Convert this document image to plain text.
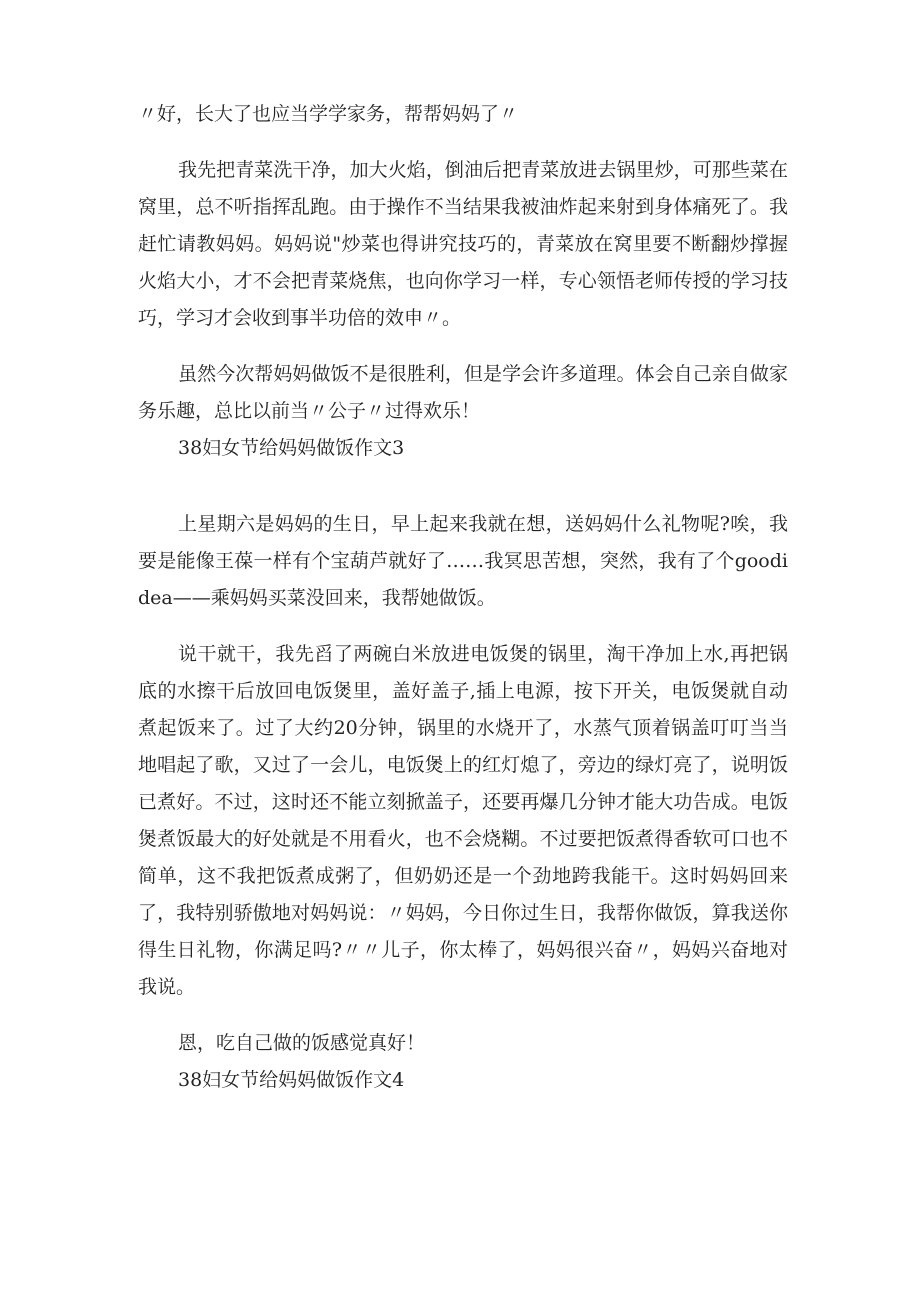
〃好，长大了也应当学学家务，帮帮妈妈了〃

我先把青菜洗干净，加大火焰，倒油后把青菜放进去锅里炒，可那些菜在窝里，总不听指挥乱跑。由于操作不当结果我被油炸起来射到身体痛死了。我赶忙请教妈妈。妈妈说"炒菜也得讲究技巧的，青菜放在窝里要不断翻炒撑握火焰大小，才不会把青菜烧焦，也向你学习一样，专心领悟老师传授的学习技巧，学习才会收到事半功倍的效申〃。

虽然今次帮妈妈做饭不是很胜利，但是学会许多道理。体会自己亲自做家务乐趣，总比以前当〃公子〃过得欢乐！

38妇女节给妈妈做饭作文3

上星期六是妈妈的生日，早上起来我就在想，送妈妈什么礼物呢?唉，我要是能像王葆一样有个宝葫芦就好了……我冥思苦想，突然，我有了个goodidea——乘妈妈买菜没回来，我帮她做饭。

说干就干，我先舀了两碗白米放进电饭煲的锅里，淘干净加上水,再把锅底的水擦干后放回电饭煲里，盖好盖子,插上电源，按下开关，电饭煲就自动煮起饭来了。过了大约20分钟，锅里的水烧开了，水蒸气顶着锅盖叮叮当当地唱起了歌，又过了一会儿，电饭煲上的红灯熄了，旁边的绿灯亮了，说明饭已煮好。不过，这时还不能立刻掀盖子，还要再爆几分钟才能大功告成。电饭煲煮饭最大的好处就是不用看火，也不会烧糊。不过要把饭煮得香软可口也不简单，这不我把饭煮成粥了，但奶奶还是一个劲地跨我能干。这时妈妈回来了，我特别骄傲地对妈妈说：〃妈妈，今日你过生日，我帮你做饭，算我送你得生日礼物，你满足吗?〃〃儿子，你太棒了，妈妈很兴奋〃，妈妈兴奋地对我说。

恩，吃自己做的饭感觉真好！

38妇女节给妈妈做饭作文4
